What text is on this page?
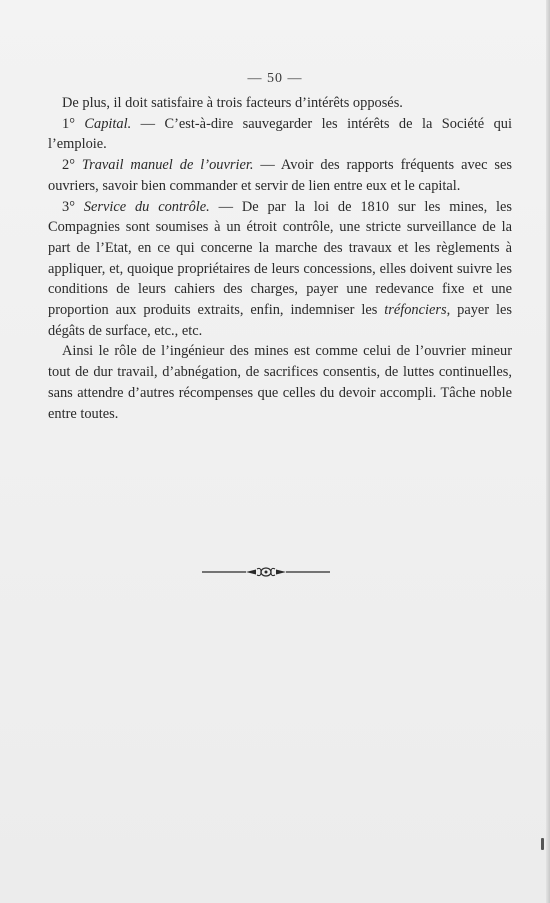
— 50 —

De plus, il doit satisfaire à trois facteurs d’intérêts opposés.

1° Capital. — C’est-à-dire sauvegarder les intérêts de la Société qui l’emploie.

2° Travail manuel de l’ouvrier. — Avoir des rapports fréquents avec ses ouvriers, savoir bien commander et servir de lien entre eux et le capital.

3° Service du contrôle. — De par la loi de 1810 sur les mines, les Compagnies sont soumises à un étroit contrôle, une stricte surveillance de la part de l’Etat, en ce qui concerne la marche des travaux et les règlements à appliquer, et, quoique propriétaires de leurs concessions, elles doivent suivre les conditions de leurs cahiers des charges, payer une redevance fixe et une proportion aux produits extraits, enfin, indemniser les tréfonciers, payer les dégâts de surface, etc., etc.

Ainsi le rôle de l’ingénieur des mines est comme celui de l’ouvrier mineur tout de dur travail, d’abnégation, de sacrifices consentis, de luttes continuelles, sans attendre d’autres récompenses que celles du devoir accompli. Tâche noble entre toutes.
